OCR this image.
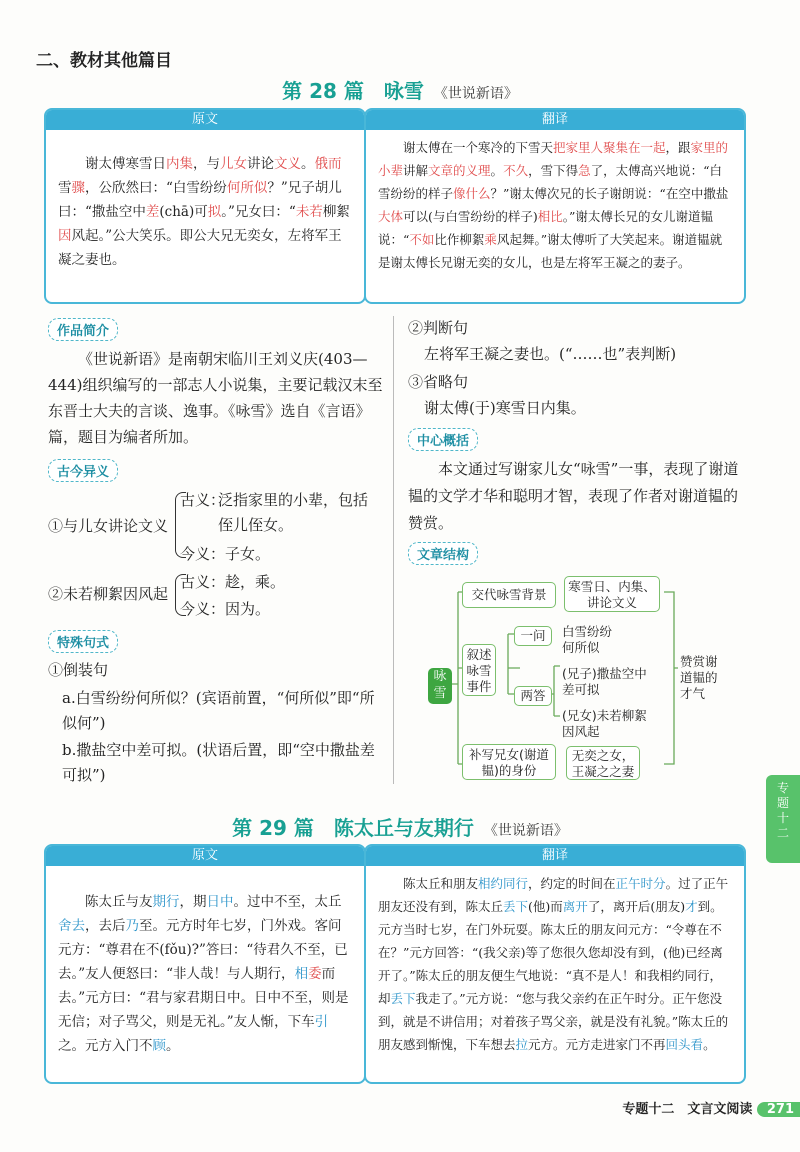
二、教材其他篇目
第 28 篇　咏雪 《世说新语》
原文
谢太傅寒雪日内集，与儿女讲论文义。俄而雪骤，公欣然曰：“白雪纷纷何所似？”兄子胡儿曰：“撒盐空中差(chā)可拟。”兄女曰：“未若柳絮因风起。”公大笑乐。即公大兄无奕女，左将军王凝之妻也。
翻译
谢太傅在一个寒冷的下雪天把家里人聚集在一起，跟家里的小辈讲解文章的义理。不久，雪下得急了，太傅高兴地说：“白雪纷纷的样子像什么？”谢太傅次兄的长子谢朗说：“在空中撒盐大体可以(与白雪纷纷的样子)相比。”谢太傅长兄的女儿谢道韫说：“不如比作柳絮乘风起舞。”谢太傅听了大笑起来。谢道韫就是谢太傅长兄谢无奕的女儿，也是左将军王凝之的妻子。
作品简介
《世说新语》是南朝宋临川王刘义庆(403—444)组织编写的一部志人小说集，主要记载汉末至东晋士大夫的言谈、逸事。《咏雪》选自《言语》篇，题目为编者所加。
古今异义
①与儿女讲论文义
古义：
泛指家里的小辈，包括侄儿侄女。
今义：子女。
②未若柳絮因风起
古义：趁，乘。
今义：因为。
特殊句式
①倒装句
a.白雪纷纷何所似？(宾语前置，“何所似”即“所似何”)
b.撒盐空中差可拟。(状语后置，即“空中撒盐差可拟”)
②判断句
左将军王凝之妻也。(“……也”表判断)
③省略句
谢太傅(于)寒雪日内集。
中心概括
本文通过写谢家儿女“咏雪”一事，表现了谢道韫的文学才华和聪明才智，表现了作者对谢道韫的赞赏。
文章结构
咏雪
交代咏雪背景
寒雪日、内集、讲论文义
叙述咏雪事件
一问	白雪纷纷何所似
两答
(兄子)撒盐空中差可拟
(兄女)未若柳絮因风起
补写兄女(谢道韫)的身份
无奕之女，王凝之之妻
赞赏谢道韫的才气
第 29 篇　陈太丘与友期行 《世说新语》
原文
陈太丘与友期行，期日中。过中不至，太丘舍去，去后乃至。元方时年七岁，门外戏。客问元方：“尊君在不(fǒu)?”答曰：“待君久不至，已去。”友人便怒曰：“非人哉！与人期行，相委而去。”元方曰：“君与家君期日中。日中不至，则是无信；对子骂父，则是无礼。”友人惭，下车引之。元方入门不顾。
翻译
陈太丘和朋友相约同行，约定的时间在正午时分。过了正午朋友还没有到，陈太丘丢下(他)而离开了，离开后(朋友)才到。元方当时七岁，在门外玩耍。陈太丘的朋友问元方：“令尊在不在？”元方回答：“(我父亲)等了您很久您却没有到，(他)已经离开了。”陈太丘的朋友便生气地说：“真不是人！和我相约同行，却丢下我走了。”元方说：“您与我父亲约在正午时分。正午您没到，就是不讲信用；对着孩子骂父亲，就是没有礼貌。”陈太丘的朋友感到惭愧，下车想去拉元方。元方走进家门不再回头看。
专题十二
专题十二　文言文阅读 271
